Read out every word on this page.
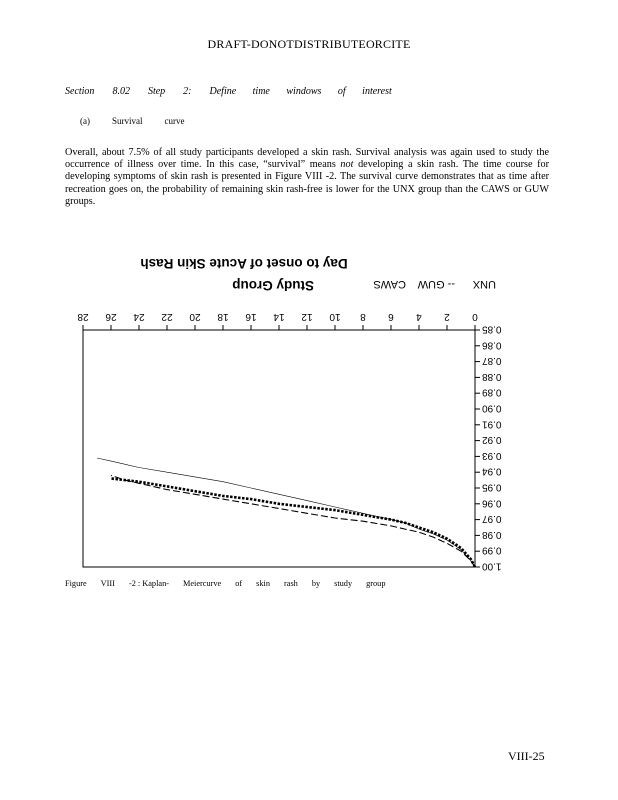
DRAFT-DONOTDISTRIBUTEORCITE
Section 8.02 Step 2: Define time windows of interest
(a) Survival curve
Overall, about 7.5% of all study participants developed a skin rash. Survival analysis was again used to study the occurrence of illness over time. In this case, “survival” means not developing a skin rash. The time course for developing symptoms of skin rash is presented in Figure VIII -2. The survival curve demonstrates that as time after recreation goes on, the probability of remaining skin rash-free is lower for the UNX group than the CAWS or GUW groups.
0
2
4
6
8
10
12
14
16
18
20
22
24
26
28
1.00
0.99
0.98
0.97
0.96
0.95
0.94
0.93
0.92
0.91
0.90
0.89
0.88
0.87
0.86
0.85
Day to onset of Acute Skin Rash
Study Group	CAWS -- GUW UNX
Figure VIII -2 : Kaplan- Meiercurve of skin rash by study group
VIII-25
